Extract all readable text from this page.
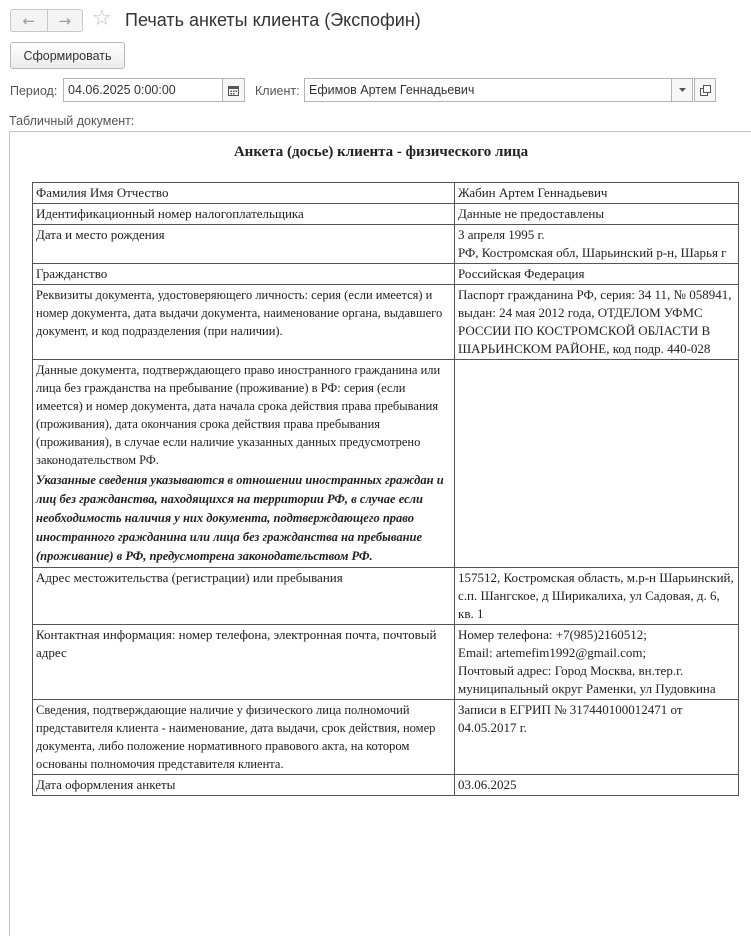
←	→ ☆ Печать анкеты клиента (Экспофин)
Сформировать
Период: 04.06.2025 0:00:00	Клиент: Ефимов Артем Геннадьевич
Табличный документ:
Анкета (досье) клиента - физического лица
Фамилия Имя Отчество	Жабин Артем Геннадьевич

Идентификационный номер налогоплательщика	Данные не предоставлены

Дата и место рождения	3 апреля 1995 г.
РФ, Костромская обл, Шарьинский р-н, Шарья г

Гражданство	Российская Федерация

Реквизиты документа, удостоверяющего личность: серия (если имеется) и номер документа, дата выдачи документа, наименование органа, выдавшего документ, и код подразделения (при наличии).	Паспорт гражданина РФ, серия: 34 11, № 058941, выдан: 24 мая 2012 года, ОТДЕЛОМ УФМС РОССИИ ПО КОСТРОМСКОЙ ОБЛАСТИ В ШАРЬИНСКОМ РАЙОНЕ, код подр. 440-028

Данные документа, подтверждающего право иностранного гражданина или лица без гражданства на пребывание (проживание) в РФ: серия (если имеется) и номер документа, дата начала срока действия права пребывания (проживания), дата окончания срока действия права пребывания (проживания), в случае если наличие указанных данных предусмотрено законодательством РФ.
Указанные сведения указываются в отношении иностранных граждан и лиц без гражданства, находящихся на территории РФ, в случае если необходимость наличия у них документа, подтверждающего право иностранного гражданина или лица без гражданства на пребывание (проживание) в РФ, предусмотрена законодательством РФ.	

Адрес местожительства (регистрации) или пребывания	157512, Костромская область, м.р-н Шарьинский, с.п. Шангское, д Ширикалиха, ул Садовая, д. 6, кв. 1

Контактная информация: номер телефона, электронная почта, почтовый адрес	Номер телефона: +7(985)2160512;
Email: artemefim1992@gmail.com;
Почтовый адрес: Город Москва, вн.тер.г. муниципальный округ Раменки, ул Пудовкина

Сведения, подтверждающие наличие у физического лица полномочий представителя клиента - наименование, дата выдачи, срок действия, номер документа, либо положение нормативного правового акта, на котором основаны полномочия представителя клиента.	Записи в ЕГРИП № 317440100012471 от 04.05.2017 г.

Дата оформления анкеты	03.06.2025
